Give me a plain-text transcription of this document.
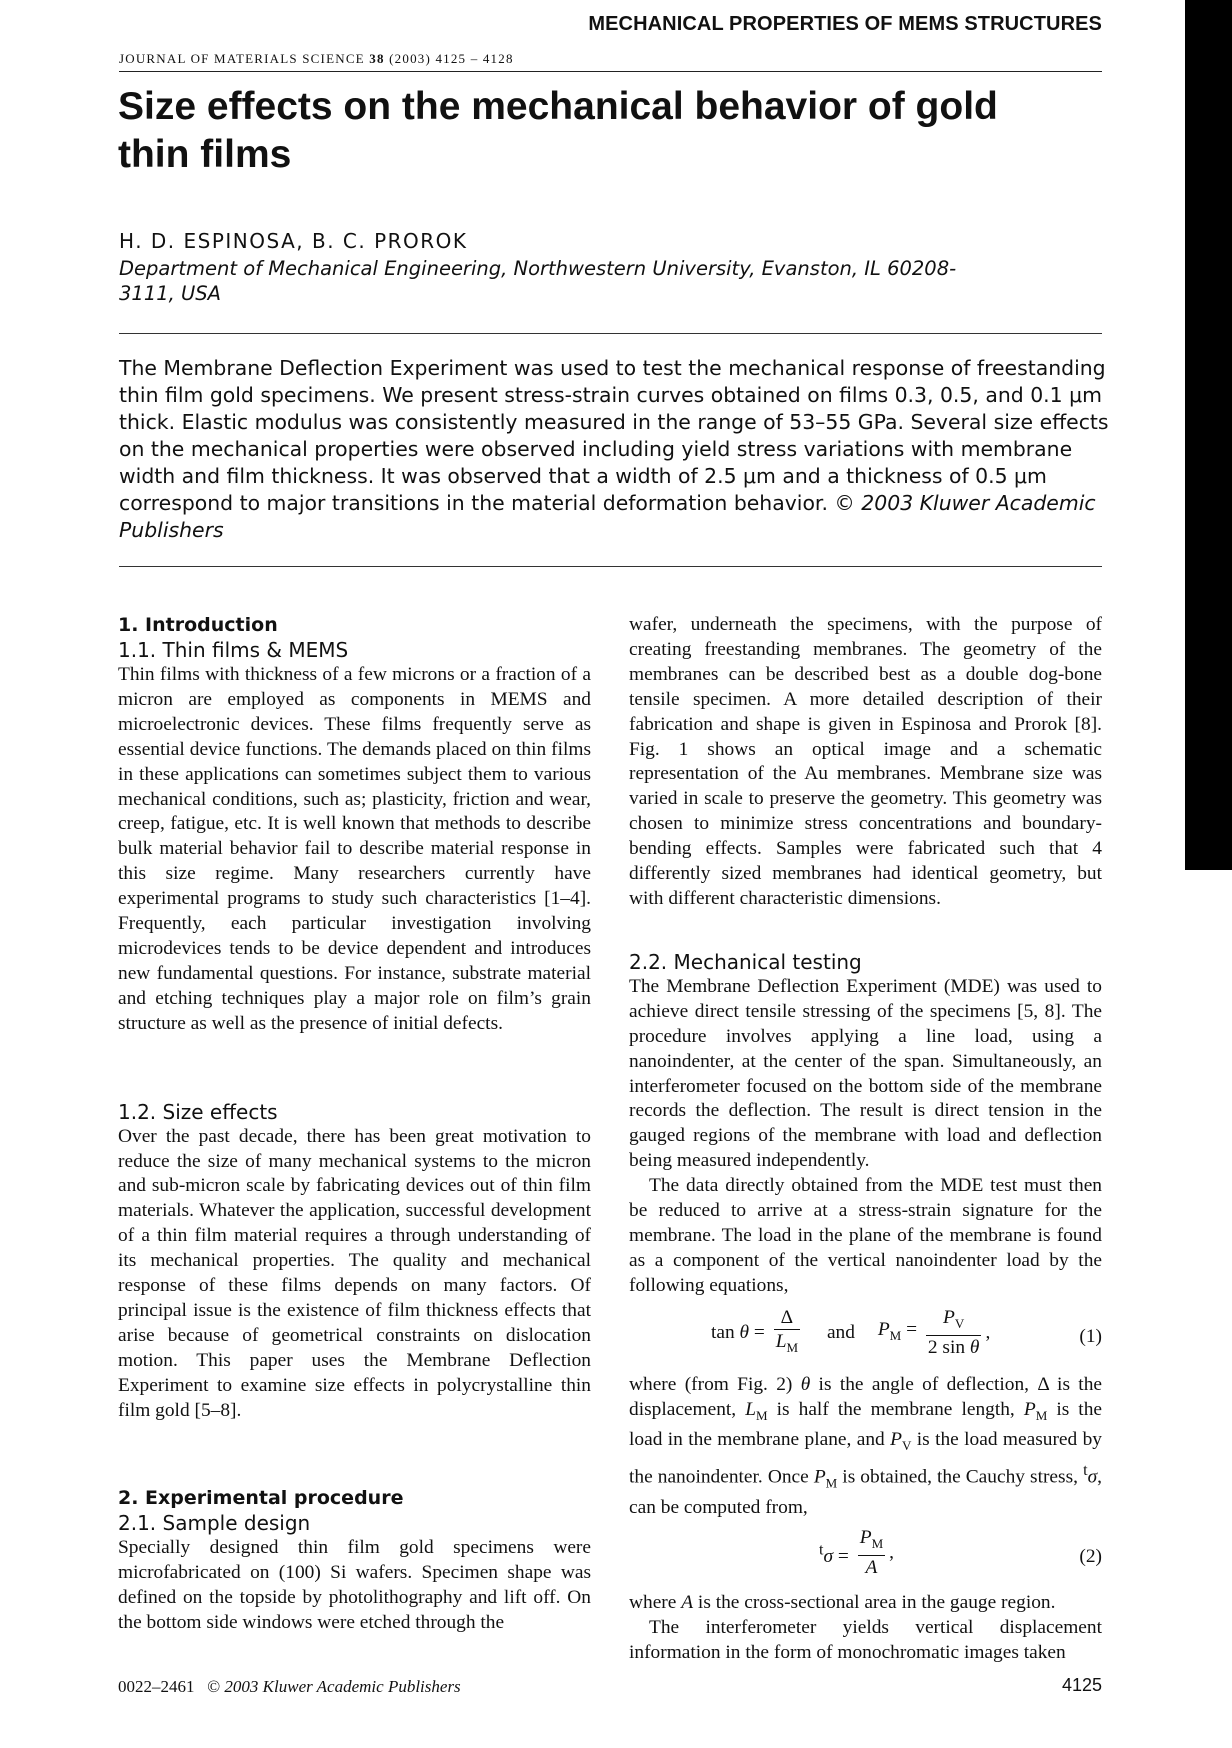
MECHANICAL PROPERTIES OF MEMS STRUCTURES
JOURNAL OF MATERIALS SCIENCE 38 (2003) 4125 – 4128
Size effects on the mechanical behavior of gold thin films
H. D. ESPINOSA, B. C. PROROK
Department of Mechanical Engineering, Northwestern University, Evanston, IL 60208-3111, USA
The Membrane Deflection Experiment was used to test the mechanical response of freestanding thin film gold specimens. We present stress-strain curves obtained on films 0.3, 0.5, and 0.1 μm thick. Elastic modulus was consistently measured in the range of 53–55 GPa. Several size effects on the mechanical properties were observed including yield stress variations with membrane width and film thickness. It was observed that a width of 2.5 μm and a thickness of 0.5 μm correspond to major transitions in the material deformation behavior. © 2003 Kluwer Academic Publishers
1. Introduction
1.1. Thin films & MEMS

Thin films with thickness of a few microns or a fraction of a micron are employed as components in MEMS and microelectronic devices. These films frequently serve as essential device functions. The demands placed on thin films in these applications can sometimes subject them to various mechanical conditions, such as; plasticity, friction and wear, creep, fatigue, etc. It is well known that methods to describe bulk material behavior fail to describe material response in this size regime. Many researchers currently have experimental programs to study such characteristics [1–4]. Frequently, each particular investigation involving microdevices tends to be device dependent and introduces new fundamental questions. For instance, substrate material and etching techniques play a major role on film’s grain structure as well as the presence of initial defects.

1.2. Size effects

Over the past decade, there has been great motivation to reduce the size of many mechanical systems to the micron and sub-micron scale by fabricating devices out of thin film materials. Whatever the application, successful development of a thin film material requires a through understanding of its mechanical properties. The quality and mechanical response of these films depends on many factors. Of principal issue is the existence of film thickness effects that arise because of geometrical constraints on dislocation motion. This paper uses the Membrane Deflection Experiment to examine size effects in polycrystalline thin film gold [5–8].

2. Experimental procedure
2.1. Sample design

Specially designed thin film gold specimens were microfabricated on (100) Si wafers. Specimen shape was defined on the topside by photolithography and lift off. On the bottom side windows were etched through the

wafer, underneath the specimens, with the purpose of creating freestanding membranes. The geometry of the membranes can be described best as a double dog-bone tensile specimen. A more detailed description of their fabrication and shape is given in Espinosa and Prorok [8]. Fig. 1 shows an optical image and a schematic representation of the Au membranes. Membrane size was varied in scale to preserve the geometry. This geometry was chosen to minimize stress concentrations and boundary-bending effects. Samples were fabricated such that 4 differently sized membranes had identical geometry, but with different characteristic dimensions.

2.2. Mechanical testing

The Membrane Deflection Experiment (MDE) was used to achieve direct tensile stressing of the specimens [5, 8]. The procedure involves applying a line load, using a nanoindenter, at the center of the span. Simultaneously, an interferometer focused on the bottom side of the membrane records the deflection. The result is direct tension in the gauged regions of the membrane with load and deflection being measured independently.

The data directly obtained from the MDE test must then be reduced to arrive at a stress-strain signature for the membrane. The load in the plane of the membrane is found as a component of the vertical nanoindenter load by the following equations,

$\tan \theta = \frac{\Delta}{L_M}$ and $P_M = \frac{P_V}{\text{2 sin θ}}$ ,	(1)

where (from Fig. 2) θ is the angle of deflection, Δ is the displacement, $L_M$ is half the membrane length, $P_M$ is the load in the membrane plane, and $P_V$ is the load measured by the nanoindenter. Once $P_M$ is obtained, the Cauchy stress, $^t$σ, can be computed from,

$^t\sigma = \frac{P_M}{A}$ ,	(2)

where A is the cross-sectional area in the gauge region.

The interferometer yields vertical displacement information in the form of monochromatic images taken

0022–2461 © 2003 Kluwer Academic Publishers	4125
